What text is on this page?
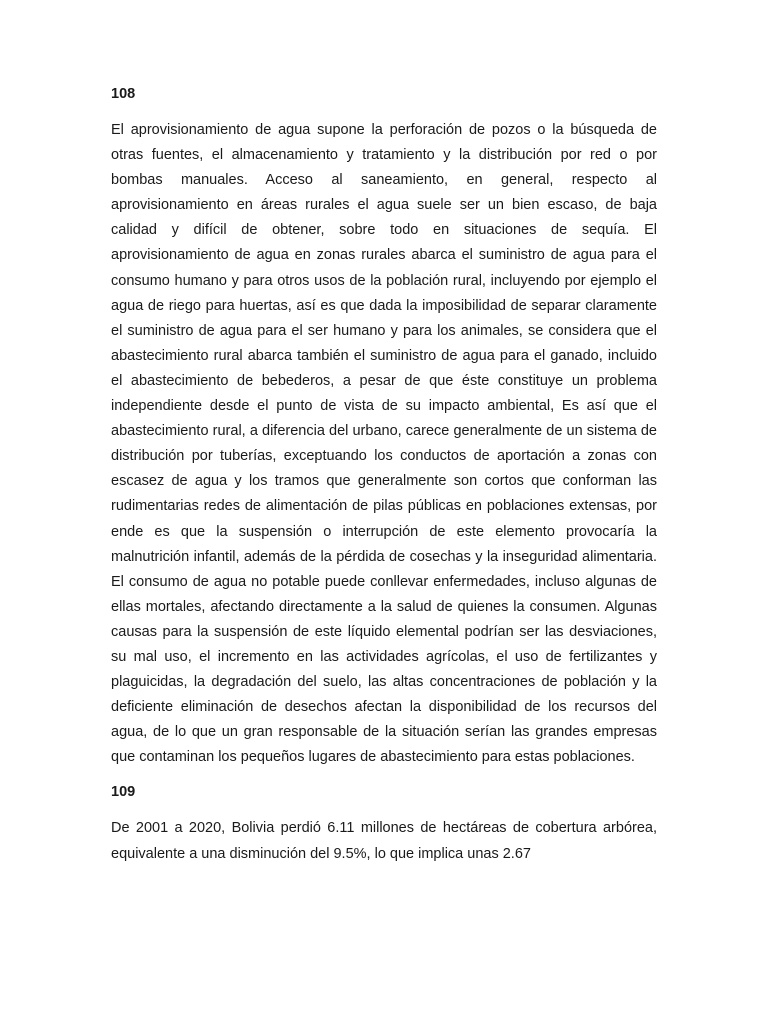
108

El aprovisionamiento de agua supone la perforación de pozos o la búsqueda de otras fuentes, el almacenamiento y tratamiento y la distribución por red o por bombas manuales. Acceso al saneamiento, en general, respecto al aprovisionamiento en áreas rurales el agua suele ser un bien escaso, de baja calidad y difícil de obtener, sobre todo en situaciones de sequía. El aprovisionamiento de agua en zonas rurales abarca el suministro de agua para el consumo humano y para otros usos de la población rural, incluyendo por ejemplo el agua de riego para huertas, así es que dada la imposibilidad de separar claramente el suministro de agua para el ser humano y para los animales, se considera que el abastecimiento rural abarca también el suministro de agua para el ganado, incluido el abastecimiento de bebederos, a pesar de que éste constituye un problema independiente desde el punto de vista de su impacto ambiental, Es así que el abastecimiento rural, a diferencia del urbano, carece generalmente de un sistema de distribución por tuberías, exceptuando los conductos de aportación a zonas con escasez de agua y los tramos que generalmente son cortos que conforman las rudimentarias redes de alimentación de pilas públicas en poblaciones extensas, por ende es que la suspensión o interrupción de este elemento provocaría la malnutrición infantil, además de la pérdida de cosechas y la inseguridad alimentaria. El consumo de agua no potable puede conllevar enfermedades, incluso algunas de ellas mortales, afectando directamente a la salud de quienes la consumen. Algunas causas para la suspensión de este líquido elemental podrían ser las desviaciones, su mal uso, el incremento en las actividades agrícolas, el uso de fertilizantes y plaguicidas, la degradación del suelo, las altas concentraciones de población y la deficiente eliminación de desechos afectan la disponibilidad de los recursos del agua, de lo que un gran responsable de la situación serían las grandes empresas que contaminan los pequeños lugares de abastecimiento para estas poblaciones.

109

De 2001 a 2020, Bolivia perdió 6.11 millones de hectáreas de cobertura arbórea, equivalente a una disminución del 9.5%, lo que implica unas 2.67
